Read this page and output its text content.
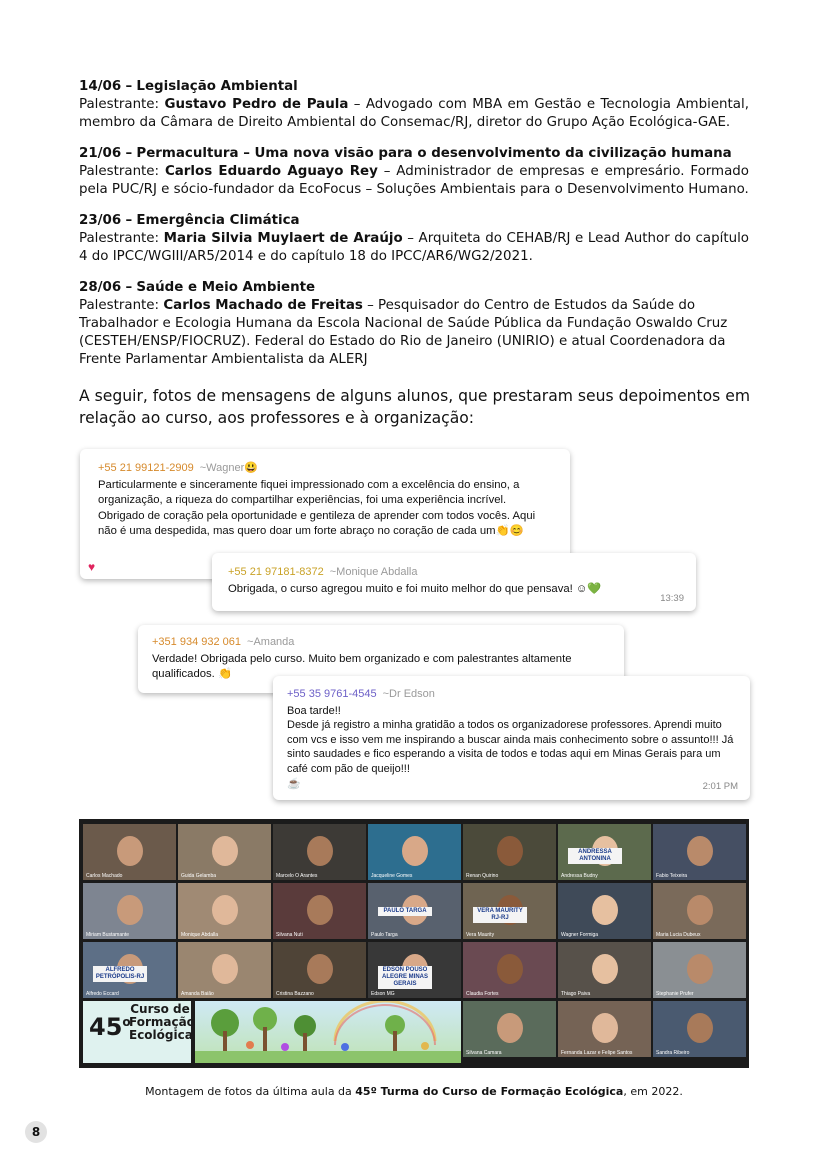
14/06 – Legislação Ambiental

Palestrante: Gustavo Pedro de Paula – Advogado com MBA em Gestão e Tecnologia Ambiental, membro da Câmara de Direito Ambiental do Consemac/RJ, diretor do Grupo Ação Ecológica-GAE.

21/06 – Permacultura – Uma nova visão para o desenvolvimento da civilização humana

Palestrante: Carlos Eduardo Aguayo Rey – Administrador de empresas e empresário. Formado pela PUC/RJ e sócio-fundador da EcoFocus – Soluções Ambientais para o Desenvolvimento Humano.

23/06 – Emergência Climática

Palestrante: Maria Silvia Muylaert de Araújo – Arquiteta do CEHAB/RJ e Lead Author do capítulo 4 do IPCC/WGIII/AR5/2014 e do capítulo 18 do IPCC/AR6/WG2/2021.

28/06 – Saúde e Meio Ambiente

Palestrante: Carlos Machado de Freitas – Pesquisador do Centro de Estudos da Saúde do Trabalhador e Ecologia Humana da Escola Nacional de Saúde Pública da Fundação Oswaldo Cruz (CESTEH/ENSP/FIOCRUZ). Federal do Estado do Rio de Janeiro (UNIRIO) e atual Coordenadora da Frente Parlamentar Ambientalista da ALERJ

A seguir, fotos de mensagens de alguns alunos, que prestaram seus depoimentos em relação ao curso, aos professores e à organização:

+55 21 99121-2909 ~Wagner😃
Particularmente e sinceramente fiquei impressionado com a excelência do ensino, a organização, a riqueza do compartilhar experiências, foi uma experiência incrível. Obrigado de coração pela oportunidade e gentileza de aprender com todos vocês. Aqui não é uma despedida, mas quero doar um forte abraço no coração de cada um👏😊
♥	+55 21 97181-8372 ~Monique Abdalla
Obrigada, o curso agregou muito e foi muito melhor do que pensava! ☺💚
13:39
+351 934 932 061 ~Amanda
Verdade! Obrigada pelo curso. Muito bem organizado e com palestrantes altamente qualificados. 👏
+55 35 9761-4545 ~Dr Edson
Boa tarde!!
Desde já registro a minha gratidão a todos os organizadorese professores. Aprendi muito com vcs e isso vem me inspirando a buscar ainda mais conhecimento sobre o assunto!!! Já sinto saudades e fico esperando a visita de todos e todas aqui em Minas Gerais para um café com pão de queijo!!!
☕	2:01 PM
45$^o$
Curso de
Formação
Ecológica
Carlos Machado	Guida Gelamba	Marcelo O Arantes	Jacqueline Gomes	Renan Quirino
ANDRESSA ANTONINA
Andressa Budny	Fabio Teixeira
Miriam Bustamante	Monique Abdalla	Silvana Nuti
PAULO TARGA
Paulo Targa
VERA MAURITY RJ-RJ
Vera Maurity	Wagner Formiga	Maria Lucia Dubeux
ALFREDO PETRÓPOLIS-RJ
Alfredo Eccard	Amanda Baião	Cristina Bazzano
EDSON POUSO ALEGRE MINAS GERAIS
Edson MG	Claudia Fortes	Thiago Paiva	Stephanie Prufer
Silvana Camara	Fernanda Lazar e Felipe Santos	Sandra Ribeiro

Montagem de fotos da última aula da 45º Turma do Curso de Formação Ecológica, em 2022.

8
